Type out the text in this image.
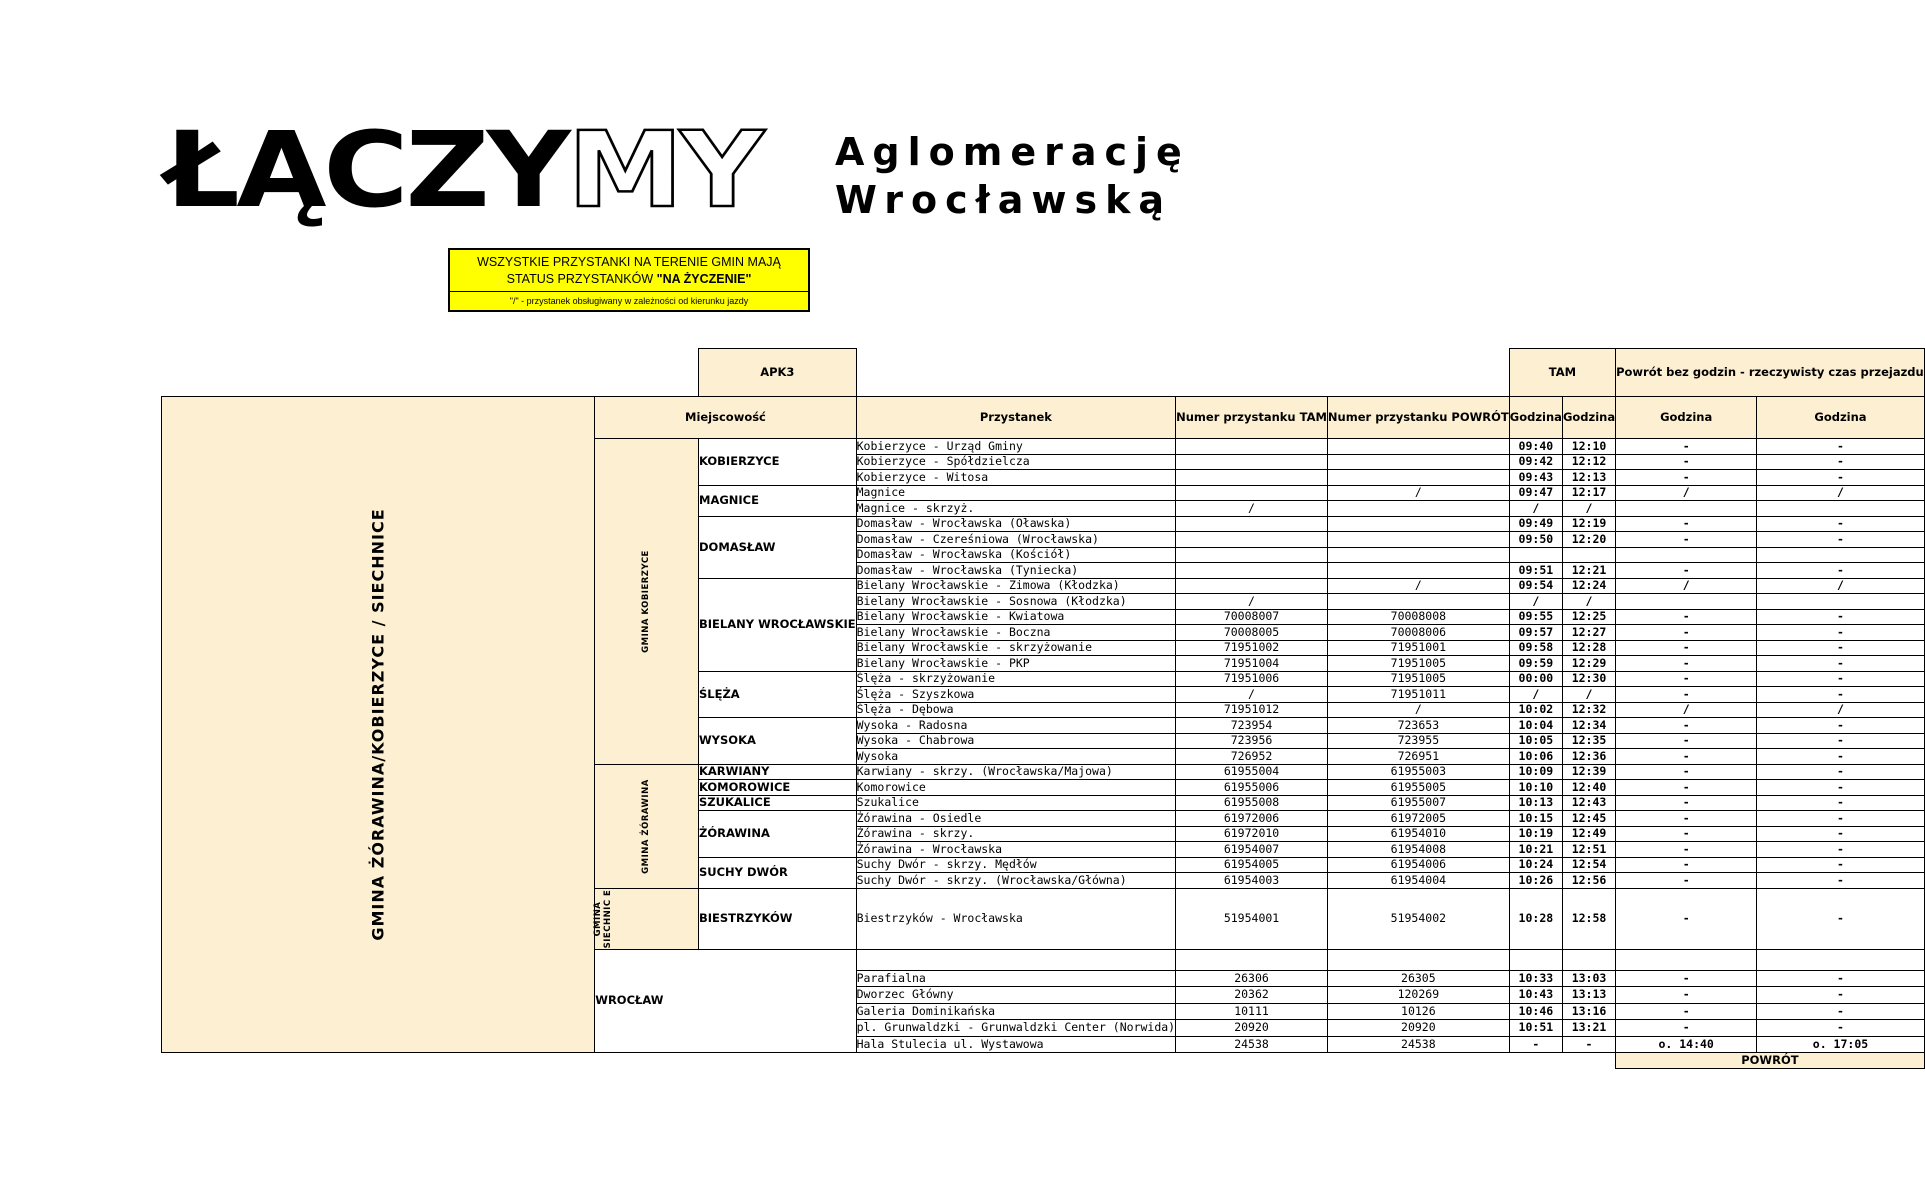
ŁĄCZYMY Aglomerację
Wrocławską
WSZYSTKIE PRZYSTANKI NA TERENIE GMIN MAJĄ
STATUS PRZYSTANKÓW "NA ŻYCZENIE"
"/" - przystanek obsługiwany w zależności od kierunku jazdy
		APK3				TAM		Powrót bez godzin - rzeczywisty czas przejazdu	

GMINA ŻÓRAWINA/KOBIERZYCE / SIECHNICE	Miejscowość		Przystanek	Numer przystanku TAM	Numer przystanku POWRÓT	Godzina	Godzina	Godzina	Godzina

	GMINA KOBIERZYCE	KOBIERZYCE	Kobierzyce - Urząd Gminy			09:40	12:10	-	-
			Kobierzyce - Spółdzielcza			09:42	12:12	-	-
			Kobierzyce - Witosa			09:43	12:13	-	-
		MAGNICE	Magnice		/	09:47	12:17	/	/
			Magnice - skrzyż.	/		/	/		
		DOMASŁAW	Domasław - Wrocławska (Oławska)			09:49	12:19	-	-
			Domasław - Czereśniowa (Wrocławska)			09:50	12:20	-	-
			Domasław - Wrocławska (Kościół)						
			Domasław - Wrocławska (Tyniecka)			09:51	12:21	-	-
		BIELANY WROCŁAWSKIE	Bielany Wrocławskie - Zimowa (Kłodzka)		/	09:54	12:24	/	/
			Bielany Wrocławskie - Sosnowa (Kłodzka)	/		/	/		
			Bielany Wrocławskie - Kwiatowa	70008007	70008008	09:55	12:25	-	-
			Bielany Wrocławskie - Boczna	70008005	70008006	09:57	12:27	-	-
			Bielany Wrocławskie - skrzyżowanie	71951002	71951001	09:58	12:28	-	-
			Bielany Wrocławskie - PKP	71951004	71951005	09:59	12:29	-	-
		ŚLĘŻA	Ślęża - skrzyżowanie	71951006	71951005	00:00	12:30	-	-
			Ślęża - Szyszkowa	/	71951011	/	/	-	-
			Ślęża - Dębowa	71951012	/	10:02	12:32	/	/
		WYSOKA	Wysoka - Radosna	723954	723653	10:04	12:34	-	-
			Wysoka - Chabrowa	723956	723955	10:05	12:35	-	-
			Wysoka	726952	726951	10:06	12:36	-	-

	GMINA ŻÓRAWINA	KARWIANY	Karwiany - skrzy. (Wrocławska/Majowa)	61955004	61955003	10:09	12:39	-	-
		KOMOROWICE	Komorowice	61955006	61955005	10:10	12:40	-	-
		SZUKALICE	Szukalice	61955008	61955007	10:13	12:43	-	-
		ŻÓRAWINA	Żórawina - Osiedle	61972006	61972005	10:15	12:45	-	-
			Żórawina - skrzy.	61972010	61954010	10:19	12:49	-	-
			Żórawina - Wrocławska	61954007	61954008	10:21	12:51	-	-
		SUCHY DWÓR	Suchy Dwór - skrzy. Mędłów	61954005	61954006	10:24	12:54	-	-
			Suchy Dwór - skrzy. (Wrocławska/Główna)	61954003	61954004	10:26	12:56	-	-

	GMINA SIECHNIC E	BIESTRZYKÓW	Biestrzyków - Wrocławska	51954001	51954002	10:28	12:58	-	-
	WROCŁAW								
			Parafialna	26306	26305	10:33	13:03	-	-
			Dworzec Główny	20362	120269	10:43	13:13	-	-
			Galeria Dominikańska	10111	10126	10:46	13:16	-	-
			pl. Grunwaldzki - Grunwaldzki Center (Norwida)	20920	20920	10:51	13:21	-	-
			Hala Stulecia ul. Wystawowa	24538	24538	-	-	o. 14:40	o. 17:05
								POWRÓT	
